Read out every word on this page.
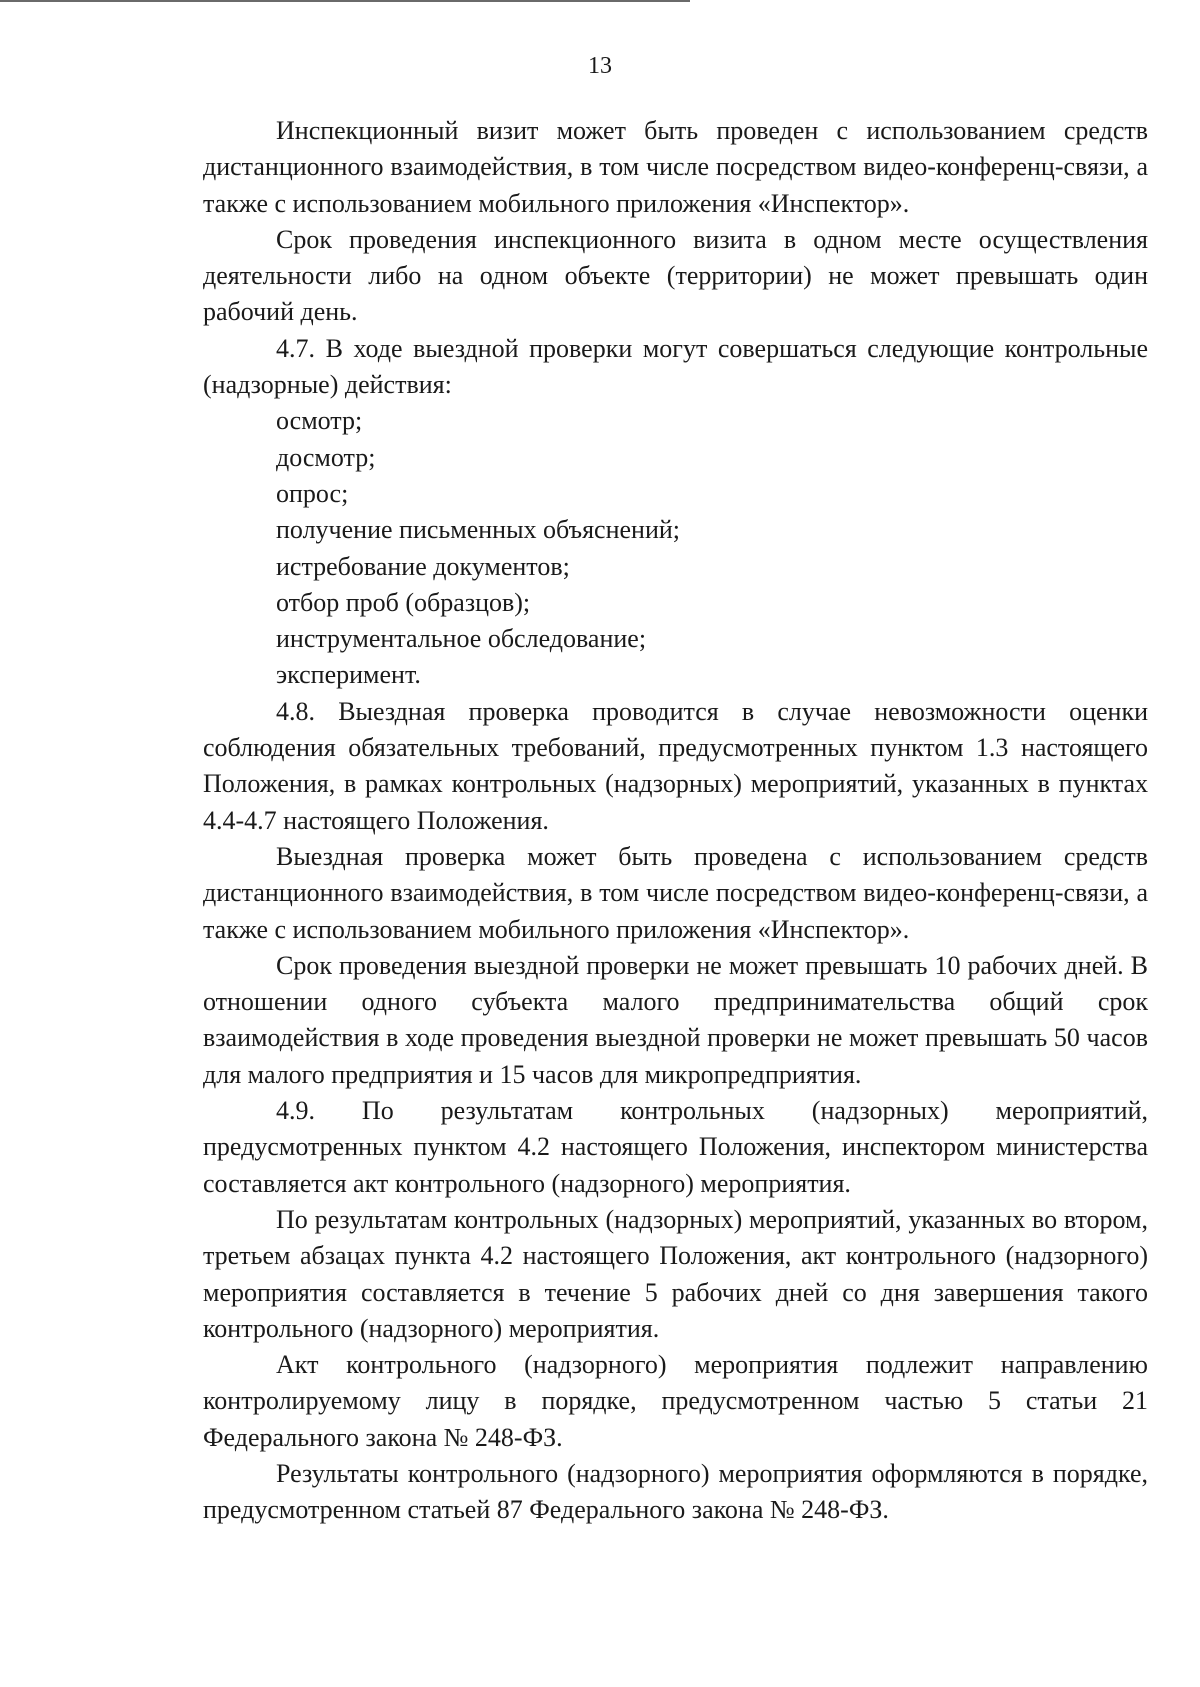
13

Инспекционный визит может быть проведен с использованием средств дистанционного взаимодействия, в том числе посредством видео-конференц-связи, а также с использованием мобильного приложения «Инспектор».

Срок проведения инспекционного визита в одном месте осуществления деятельности либо на одном объекте (территории) не может превышать один рабочий день.

4.7. В ходе выездной проверки могут совершаться следующие контрольные (надзорные) действия:

осмотр;

досмотр;

опрос;

получение письменных объяснений;

истребование документов;

отбор проб (образцов);

инструментальное обследование;

эксперимент.

4.8. Выездная проверка проводится в случае невозможности оценки соблюдения обязательных требований, предусмотренных пунктом 1.3 настоящего Положения, в рамках контрольных (надзорных) мероприятий, указанных в пунктах 4.4-4.7 настоящего Положения.

Выездная проверка может быть проведена с использованием средств дистанционного взаимодействия, в том числе посредством видео-конференц-связи, а также с использованием мобильного приложения «Инспектор».

Срок проведения выездной проверки не может превышать 10 рабочих дней. В отношении одного субъекта малого предпринимательства общий срок взаимодействия в ходе проведения выездной проверки не может превышать 50 часов для малого предприятия и 15 часов для микропредприятия.

4.9. По результатам контрольных (надзорных) мероприятий, предусмотренных пунктом 4.2 настоящего Положения, инспектором министерства составляется акт контрольного (надзорного) мероприятия.

По результатам контрольных (надзорных) мероприятий, указанных во втором, третьем абзацах пункта 4.2 настоящего Положения, акт контрольного (надзорного) мероприятия составляется в течение 5 рабочих дней со дня завершения такого контрольного (надзорного) мероприятия.

Акт контрольного (надзорного) мероприятия подлежит направлению контролируемому лицу в порядке, предусмотренном частью 5 статьи 21 Федерального закона № 248-ФЗ.

Результаты контрольного (надзорного) мероприятия оформляются в порядке, предусмотренном статьей 87 Федерального закона № 248-ФЗ.
